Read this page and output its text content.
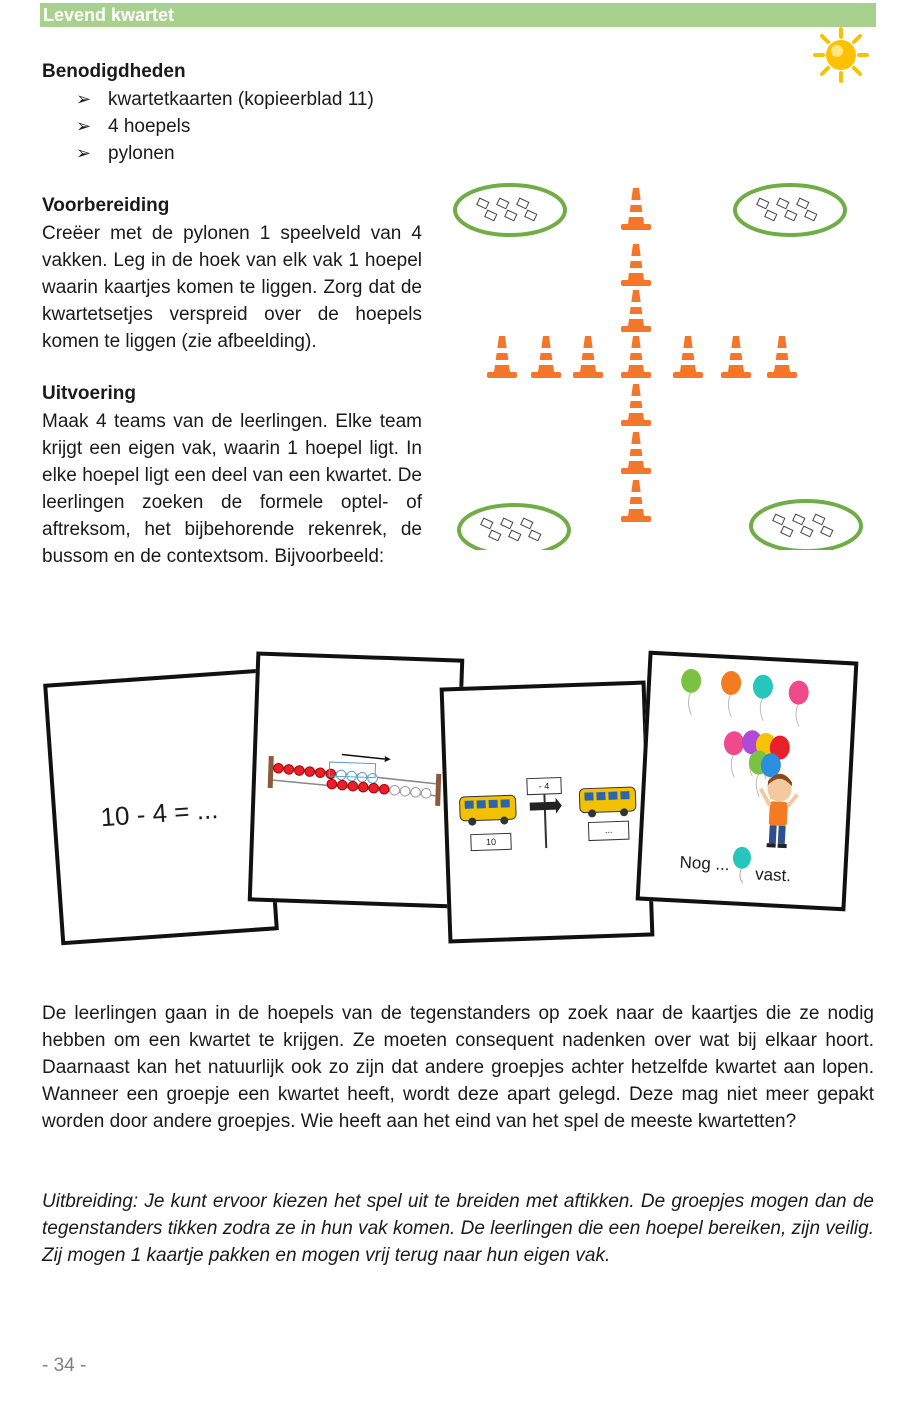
Levend kwartet
Benodigdheden
➢ kwartetkaarten (kopieerblad 11)
➢ 4 hoepels
➢ pylonen
Voorbereiding

Creëer met de pylonen 1 speelveld van 4 vakken. Leg in de hoek van elk vak 1 hoepel waarin kaartjes komen te liggen. Zorg dat de kwartetsetjes verspreid over de hoepels komen te liggen (zie afbeelding).

Uitvoering

Maak 4 teams van de leerlingen. Elke team krijgt een eigen vak, waarin 1 hoepel ligt. In elke hoepel ligt een deel van een kwartet. De leerlingen zoeken de formele optel- of aftreksom, het bijbehorende rekenrek, de bussom en de contextsom. Bijvoorbeeld:

10 - 4 = ...
10
- 4
...
Nog ...
vast.

De leerlingen gaan in de hoepels van de tegenstanders op zoek naar de kaartjes die ze nodig hebben om een kwartet te krijgen. Ze moeten consequent nadenken over wat bij elkaar hoort. Daarnaast kan het natuurlijk ook zo zijn dat andere groepjes achter hetzelfde kwartet aan lopen. Wanneer een groepje een kwartet heeft, wordt deze apart gelegd. Deze mag niet meer gepakt worden door andere groepjes. Wie heeft aan het eind van het spel de meeste kwartetten?

Uitbreiding: Je kunt ervoor kiezen het spel uit te breiden met aftikken. De groepjes mogen dan de tegenstanders tikken zodra ze in hun vak komen. De leerlingen die een hoepel bereiken, zijn veilig. Zij mogen 1 kaartje pakken en mogen vrij terug naar hun eigen vak.

- 34 -
